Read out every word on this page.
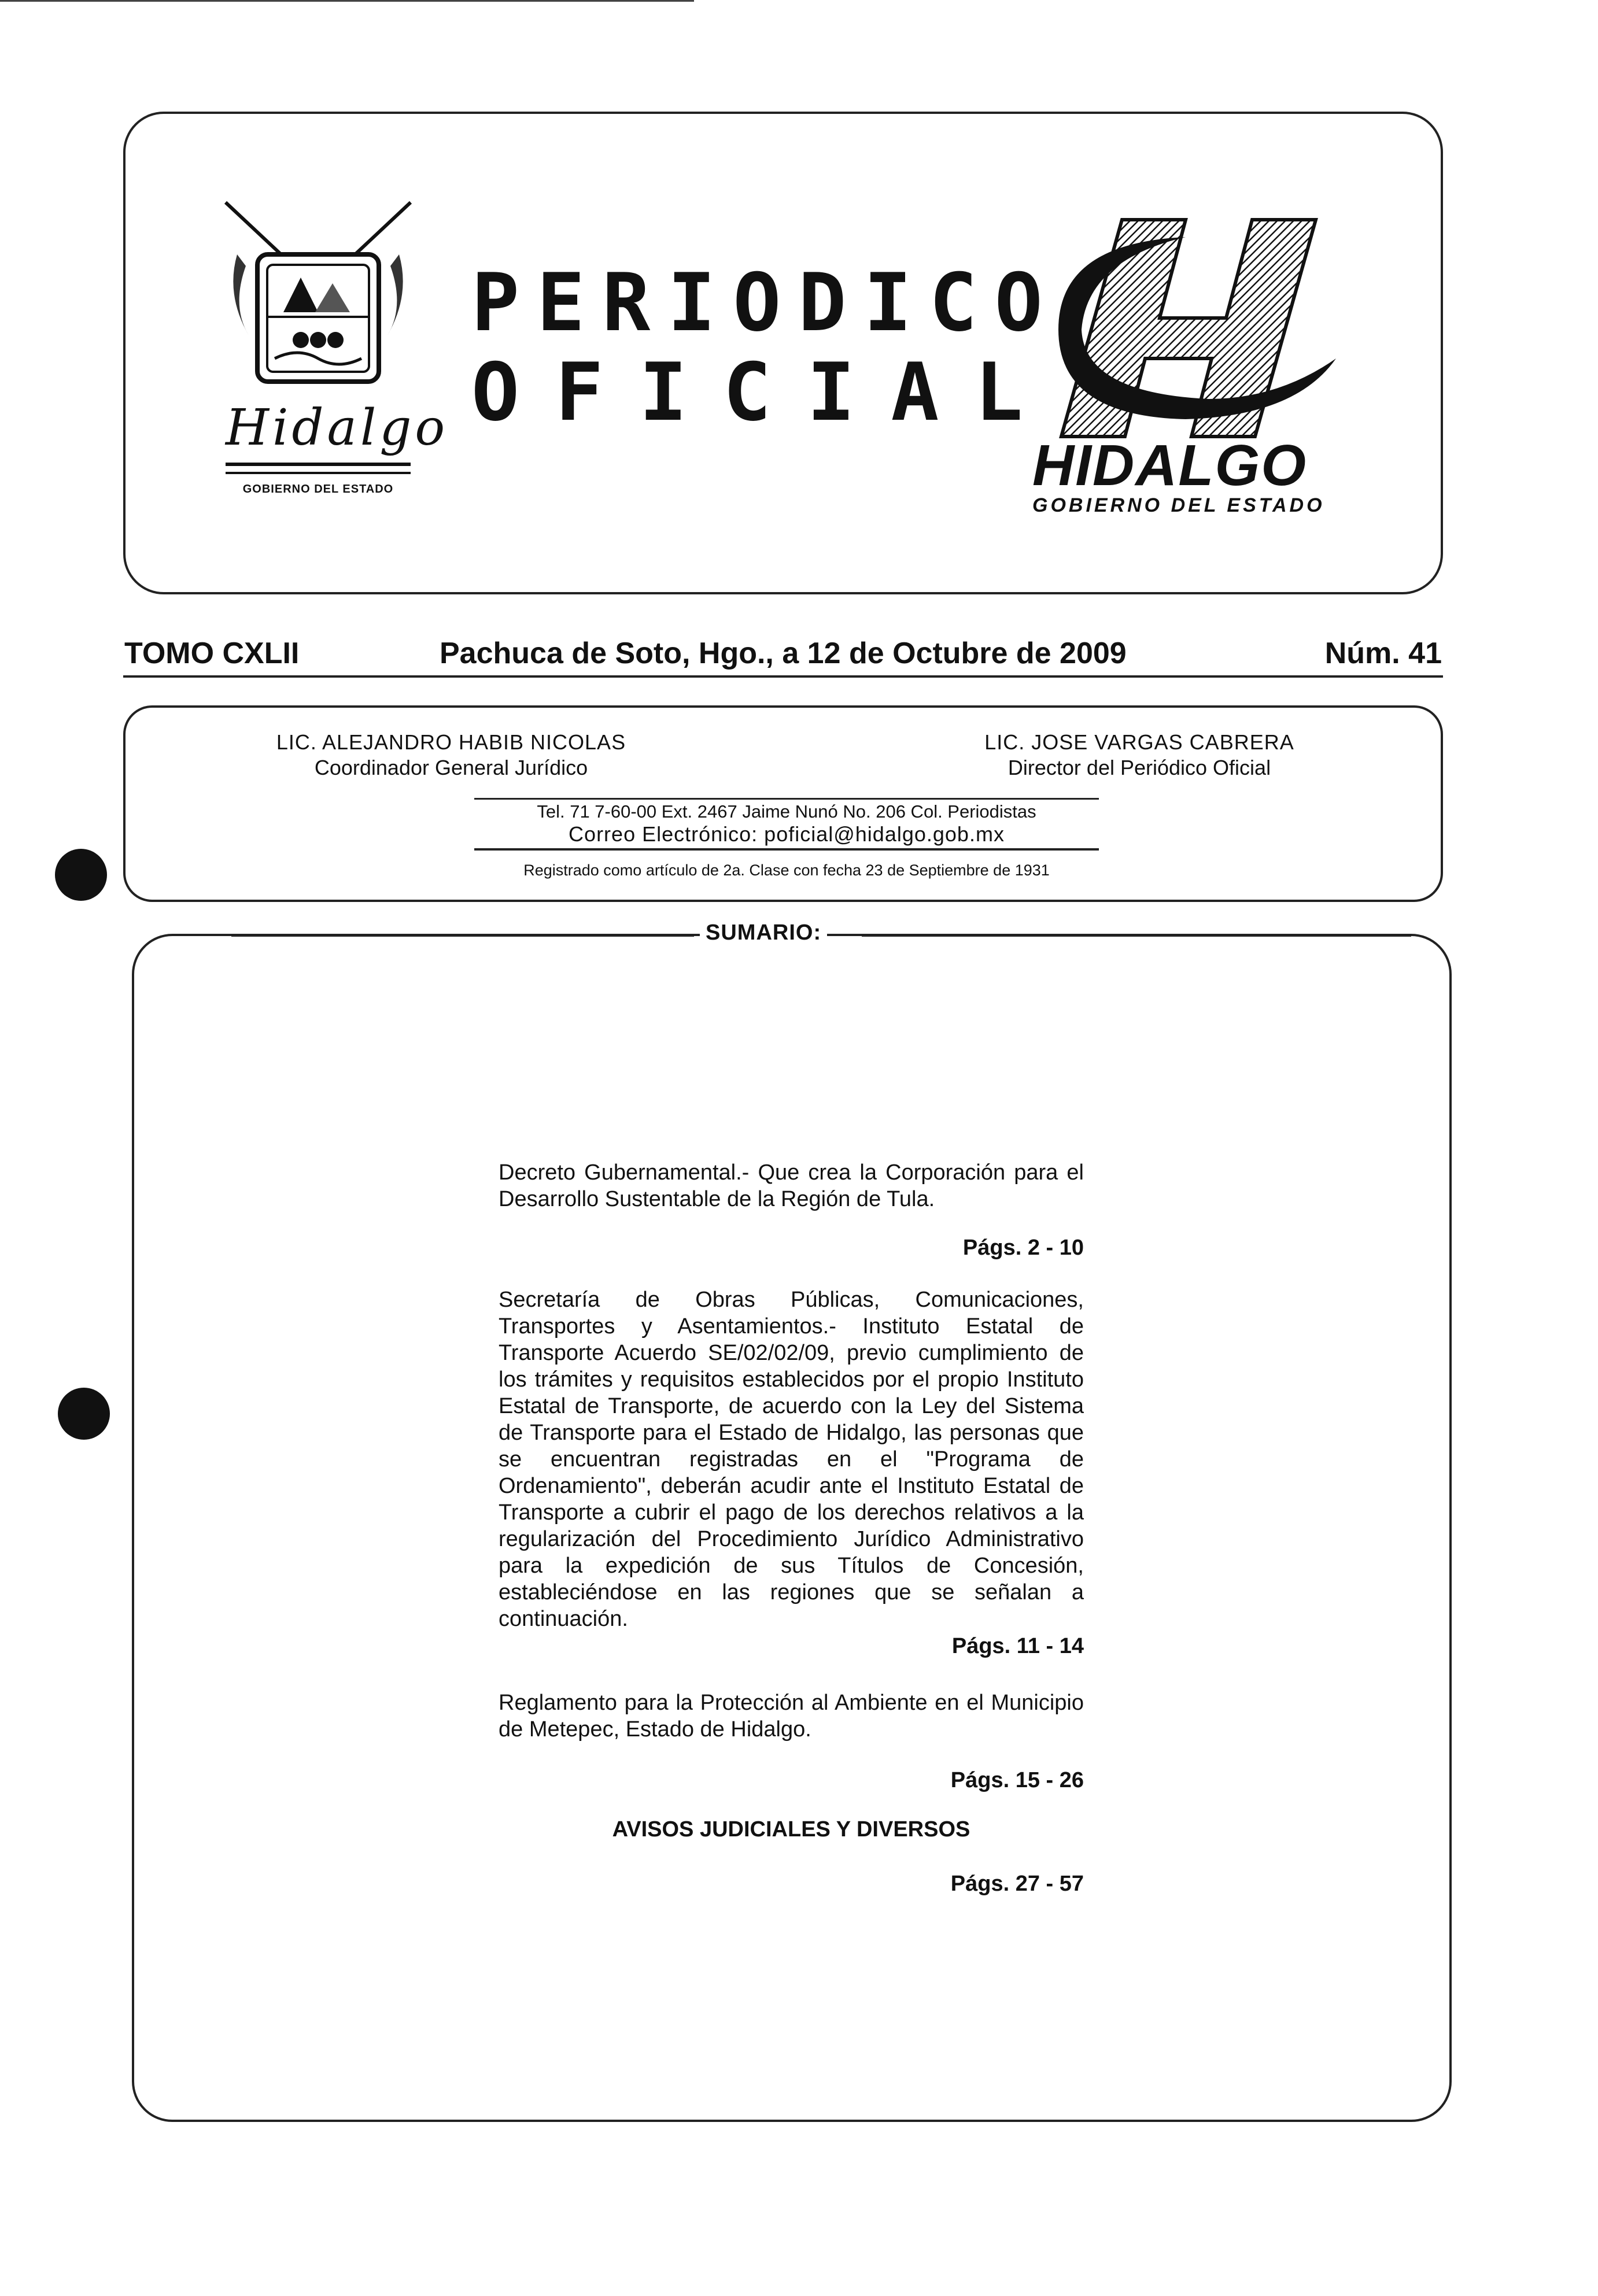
Hidalgo
GOBIERNO DEL ESTADO
PERIODICO
OFICIAL
HIDALGO
GOBIERNO DEL ESTADO
TOMO CXLII	Pachuca de Soto, Hgo., a 12 de Octubre de 2009	Núm. 41
LIC. ALEJANDRO HABIB NICOLAS
Coordinador General Jurídico
LIC. JOSE VARGAS CABRERA
Director del Periódico Oficial
Tel. 71 7-60-00 Ext. 2467 Jaime Nunó No. 206 Col. Periodistas
Correo Electrónico: poficial@hidalgo.gob.mx
Registrado como artículo de 2a. Clase con fecha 23 de Septiembre de 1931
SUMARIO:
Decreto Gubernamental.- Que crea la Corporación para el Desarrollo Sustentable de la Región de Tula.
Págs. 2 - 10
Secretaría de Obras Públicas, Comunicaciones, Transportes y Asentamientos.- Instituto Estatal de Transporte Acuerdo SE/02/02/09, previo cumplimiento de los trámites y requisitos establecidos por el propio Instituto Estatal de Transporte, de acuerdo con la Ley del Sistema de Transporte para el Estado de Hidalgo, las personas que se encuentran registradas en el "Programa de Ordenamiento", deberán acudir ante el Instituto Estatal de Transporte a cubrir el pago de los derechos relativos a la regularización del Procedimiento Jurídico Administrativo para la expedición de sus Títulos de Concesión, estableciéndose en las regiones que se señalan a continuación.
Págs. 11 - 14
Reglamento para la Protección al Ambiente en el Municipio de Metepec, Estado de Hidalgo.
Págs. 15 - 26
AVISOS JUDICIALES Y DIVERSOS
Págs. 27 - 57
